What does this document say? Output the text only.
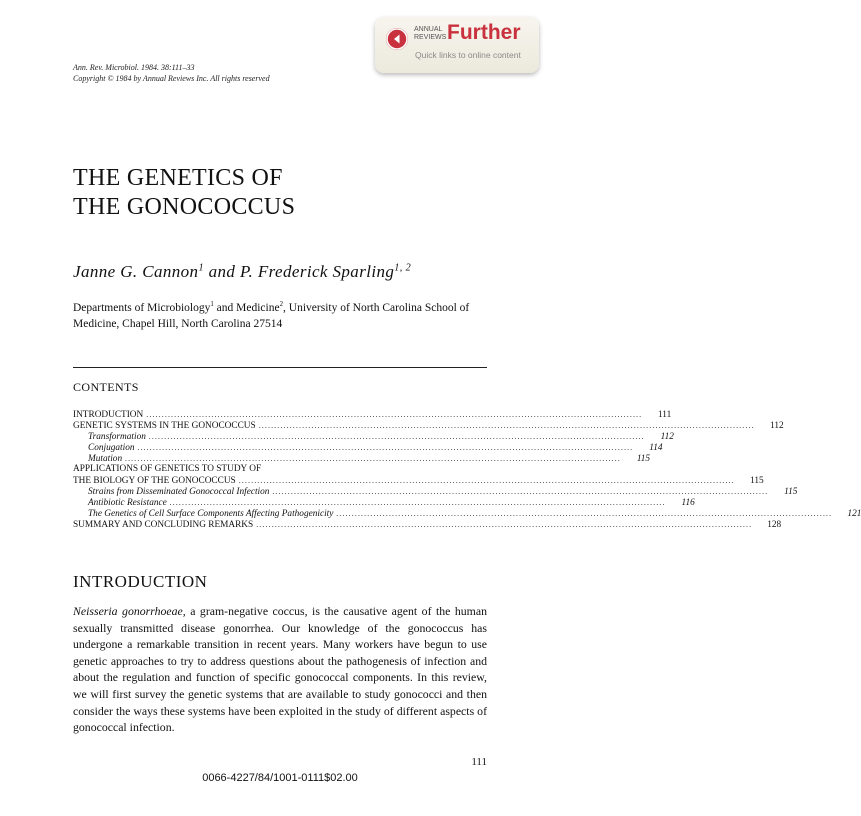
ANNUAL REVIEWS Further
Quick links to online content
Ann. Rev. Microbiol. 1984. 38:111–33
Copyright © 1984 by Annual Reviews Inc. All rights reserved
THE GENETICS OF
THE GONOCOCCUS
Janne G. Cannon$^1$ and P. Frederick Sparling$^{1, 2}$
Departments of Microbiology$^1$ and Medicine$^2$, University of North Carolina School of
Medicine, Chapel Hill, North Carolina 27514
CONTENTS
INTRODUCTION ................................................................................................................................................................	111
GENETIC SYSTEMS IN THE GONOCOCCUS ................................................................................................................................................................	112
Transformation ................................................................................................................................................................	112
Conjugation ................................................................................................................................................................	114
Mutation ................................................................................................................................................................	115
APPLICATIONS OF GENETICS TO STUDY OF
THE BIOLOGY OF THE GONOCOCCUS ................................................................................................................................................................	115
Strains from Disseminated Gonococcal Infection ................................................................................................................................................................	115
Antibiotic Resistance ................................................................................................................................................................	116
The Genetics of Cell Surface Components Affecting Pathogenicity ................................................................................................................................................................	121
SUMMARY AND CONCLUDING REMARKS ................................................................................................................................................................	128
INTRODUCTION

Neisseria gonorrhoeae, a gram-negative coccus, is the causative agent of the human sexually transmitted disease gonorrhea. Our knowledge of the gonococcus has undergone a remarkable transition in recent years. Many workers have begun to use genetic approaches to try to address questions about the pathogenesis of infection and about the regulation and function of specific gonococcal components. In this review, we will first survey the genetic systems that are available to study gonococci and then consider the ways these systems have been exploited in the study of different aspects of gonococcal infection.

111
0066-4227/84/1001-0111$02.00
